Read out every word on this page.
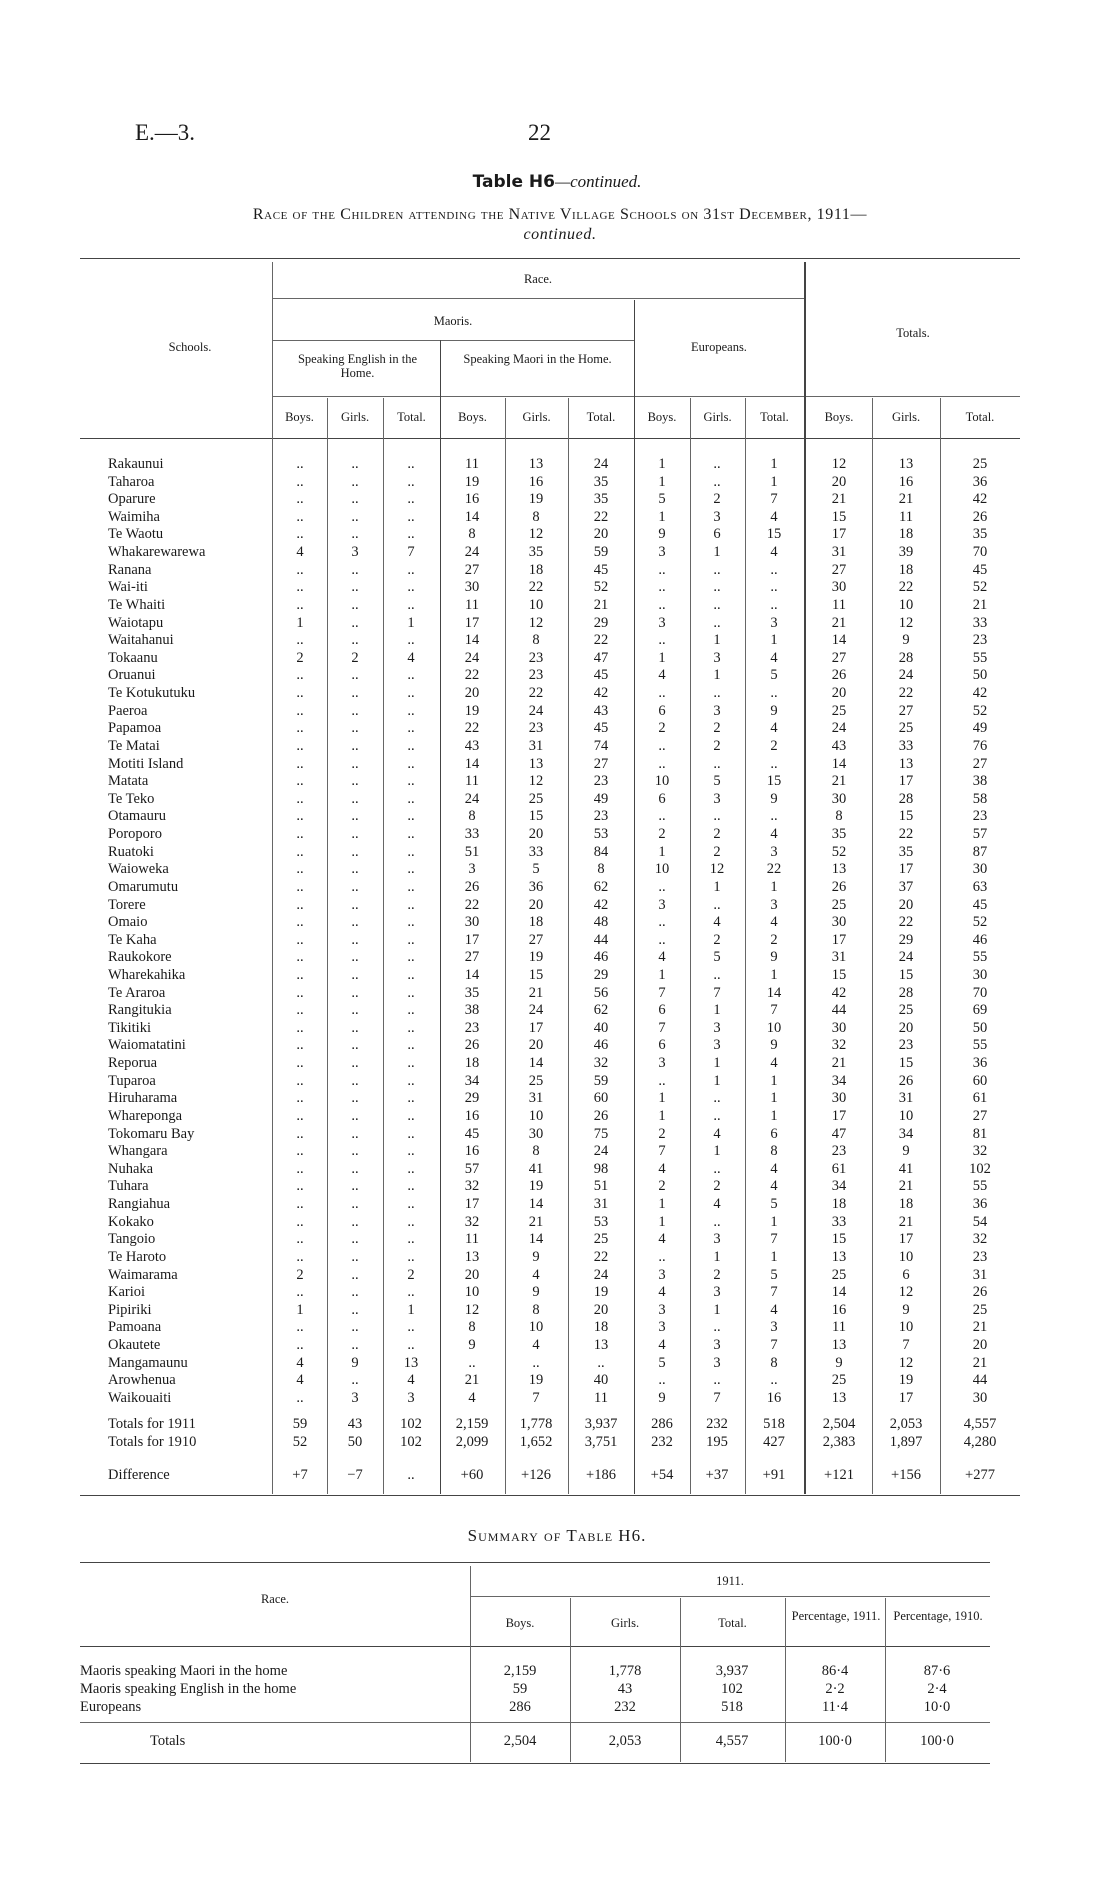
E.—3.	22
Table H6—continued.
Race of the Children attending the Native Village Schools on 31st December, 1911—
continued.
Schools.
Race.
Maoris.
Speaking English in the Home.
Speaking Maori in the Home.
Europeans.
Totals.
Boys.	Girls.	Total.	Boys.	Girls.	Total.	Boys.	Girls.	Total.	Boys.	Girls.	Total.
Rakaunui	..	..	..	11	13	24	1	..	1	12	13	25
Taharoa	..	..	..	19	16	35	1	..	1	20	16	36
Oparure	..	..	..	16	19	35	5	2	7	21	21	42
Waimiha	..	..	..	14	8	22	1	3	4	15	11	26
Te Waotu	..	..	..	8	12	20	9	6	15	17	18	35
Whakarewarewa	4	3	7	24	35	59	3	1	4	31	39	70
Ranana	..	..	..	27	18	45	..	..	..	27	18	45
Wai-iti	..	..	..	30	22	52	..	..	..	30	22	52
Te Whaiti	..	..	..	11	10	21	..	..	..	11	10	21
Waiotapu	1	..	1	17	12	29	3	..	3	21	12	33
Waitahanui	..	..	..	14	8	22	..	1	1	14	9	23
Tokaanu	2	2	4	24	23	47	1	3	4	27	28	55
Oruanui	..	..	..	22	23	45	4	1	5	26	24	50
Te Kotukutuku	..	..	..	20	22	42	..	..	..	20	22	42
Paeroa	..	..	..	19	24	43	6	3	9	25	27	52
Papamoa	..	..	..	22	23	45	2	2	4	24	25	49
Te Matai	..	..	..	43	31	74	..	2	2	43	33	76
Motiti Island	..	..	..	14	13	27	..	..	..	14	13	27
Matata	..	..	..	11	12	23	10	5	15	21	17	38
Te Teko	..	..	..	24	25	49	6	3	9	30	28	58
Otamauru	..	..	..	8	15	23	..	..	..	8	15	23
Poroporo	..	..	..	33	20	53	2	2	4	35	22	57
Ruatoki	..	..	..	51	33	84	1	2	3	52	35	87
Waioweka	..	..	..	3	5	8	10	12	22	13	17	30
Omarumutu	..	..	..	26	36	62	..	1	1	26	37	63
Torere	..	..	..	22	20	42	3	..	3	25	20	45
Omaio	..	..	..	30	18	48	..	4	4	30	22	52
Te Kaha	..	..	..	17	27	44	..	2	2	17	29	46
Raukokore	..	..	..	27	19	46	4	5	9	31	24	55
Wharekahika	..	..	..	14	15	29	1	..	1	15	15	30
Te Araroa	..	..	..	35	21	56	7	7	14	42	28	70
Rangitukia	..	..	..	38	24	62	6	1	7	44	25	69
Tikitiki	..	..	..	23	17	40	7	3	10	30	20	50
Waiomatatini	..	..	..	26	20	46	6	3	9	32	23	55
Reporua	..	..	..	18	14	32	3	1	4	21	15	36
Tuparoa	..	..	..	34	25	59	..	1	1	34	26	60
Hiruharama	..	..	..	29	31	60	1	..	1	30	31	61
Whareponga	..	..	..	16	10	26	1	..	1	17	10	27
Tokomaru Bay	..	..	..	45	30	75	2	4	6	47	34	81
Whangara	..	..	..	16	8	24	7	1	8	23	9	32
Nuhaka	..	..	..	57	41	98	4	..	4	61	41	102
Tuhara	..	..	..	32	19	51	2	2	4	34	21	55
Rangiahua	..	..	..	17	14	31	1	4	5	18	18	36
Kokako	..	..	..	32	21	53	1	..	1	33	21	54
Tangoio	..	..	..	11	14	25	4	3	7	15	17	32
Te Haroto	..	..	..	13	9	22	..	1	1	13	10	23
Waimarama	2	..	2	20	4	24	3	2	5	25	6	31
Karioi	..	..	..	10	9	19	4	3	7	14	12	26
Pipiriki	1	..	1	12	8	20	3	1	4	16	9	25
Pamoana	..	..	..	8	10	18	3	..	3	11	10	21
Okautete	..	..	..	9	4	13	4	3	7	13	7	20
Mangamaunu	4	9	13	..	..	..	5	3	8	9	12	21
Arowhenua	4	..	4	21	19	40	..	..	..	25	19	44
Waikouaiti	..	3	3	4	7	11	9	7	16	13	17	30
Totals for 1911	59	43	102	2,159	1,778	3,937	286	232	518	2,504	2,053	4,557
Totals for 1910	52	50	102	2,099	1,652	3,751	232	195	427	2,383	1,897	4,280
Difference	+7	−7	..	+60	+126	+186	+54	+37	+91	+121	+156	+277
Summary of Table H6.
Race.
1911.
Boys.	Girls.	Total.	Percentage, 1911.	Percentage, 1910.
Maoris speaking Maori in the home	2,159	1,778	3,937	86·4	87·6
Maoris speaking English in the home	59	43	102	2·2	2·4
Europeans	286	232	518	11·4	10·0
Totals	2,504	2,053	4,557	100·0	100·0
